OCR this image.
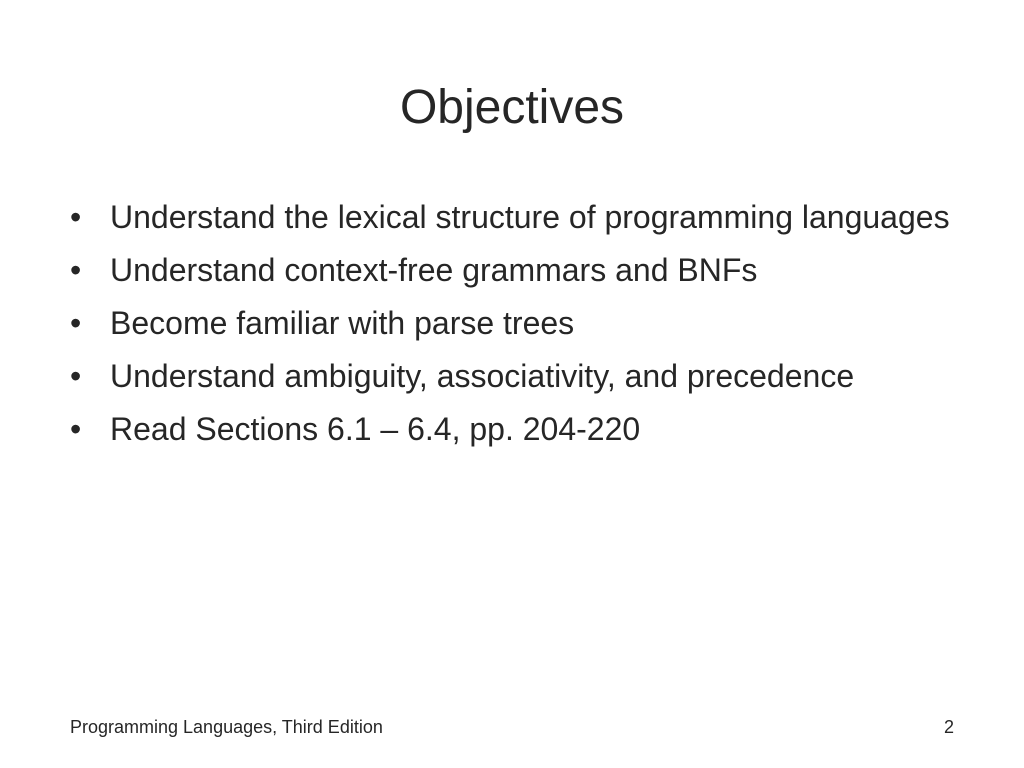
Objectives
• Understand the lexical structure of programming languages
• Understand context-free grammars and BNFs
• Become familiar with parse trees
• Understand ambiguity, associativity, and precedence
• Read Sections 6.1 – 6.4, pp. 204-220
Programming Languages, Third Edition	2
